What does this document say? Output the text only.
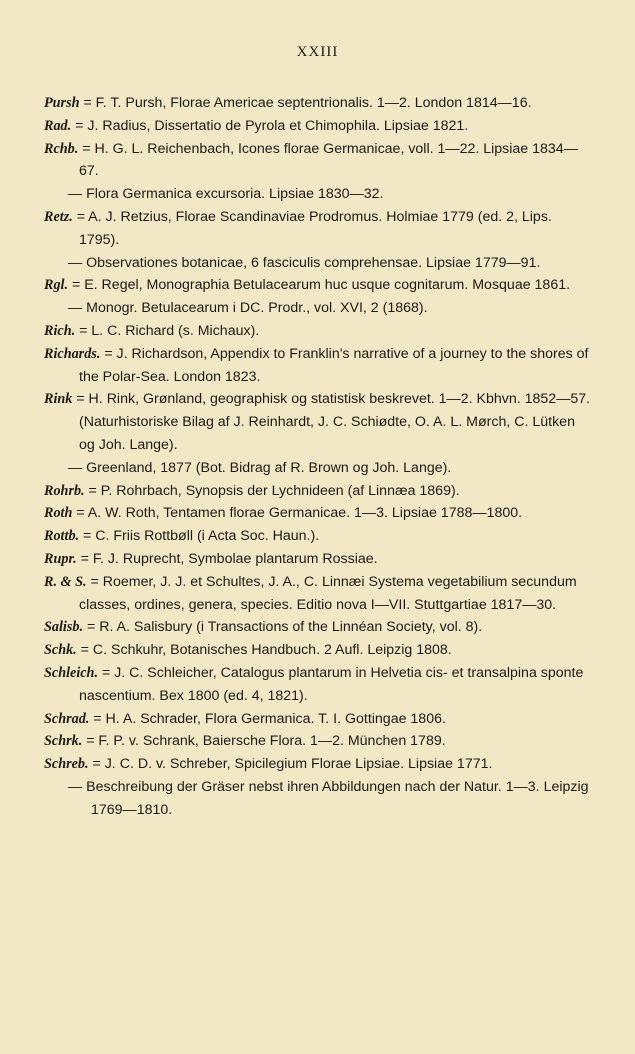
XXIII

Pursh = F. T. Pursh, Florae Americae septentrionalis. 1—2. London 1814—16.

Rad. = J. Radius, Dissertatio de Pyrola et Chimophila. Lipsiae 1821.

Rchb. = H. G. L. Reichenbach, Icones florae Germanicae, voll. 1—22. Lipsiae 1834—67.

— Flora Germanica excursoria. Lipsiae 1830—32.

Retz. = A. J. Retzius, Florae Scandinaviae Prodromus. Holmiae 1779 (ed. 2, Lips. 1795).

— Observationes botanicae, 6 fasciculis comprehensae. Lipsiae 1779—91.

Rgl. = E. Regel, Monographia Betulacearum huc usque cognitarum. Mosquae 1861.

— Monogr. Betulacearum i DC. Prodr., vol. XVI, 2 (1868).

Rich. = L. C. Richard (s. Michaux).

Richards. = J. Richardson, Appendix to Franklin's narrative of a journey to the shores of the Polar-Sea. London 1823.

Rink = H. Rink, Grønland, geographisk og statistisk beskrevet. 1—2. Kbhvn. 1852—57. (Naturhistoriske Bilag af J. Reinhardt, J. C. Schiødte, O. A. L. Mørch, C. Lütken og Joh. Lange).

— Greenland, 1877 (Bot. Bidrag af R. Brown og Joh. Lange).

Rohrb. = P. Rohrbach, Synopsis der Lychnideen (af Linnæa 1869).

Roth = A. W. Roth, Tentamen florae Germanicae. 1—3. Lipsiae 1788—1800.

Rottb. = C. Friis Rottbøll (i Acta Soc. Haun.).

Rupr. = F. J. Ruprecht, Symbolae plantarum Rossiae.

R. & S. = Roemer, J. J. et Schultes, J. A., C. Linnæi Systema vegetabilium secundum classes, ordines, genera, species. Editio nova I—VII. Stuttgartiae 1817—30.

Salisb. = R. A. Salisbury (i Transactions of the Linnéan Society, vol. 8).

Schk. = C. Schkuhr, Botanisches Handbuch. 2 Aufl. Leipzig 1808.

Schleich. = J. C. Schleicher, Catalogus plantarum in Helvetia cis- et transalpina sponte nascentium. Bex 1800 (ed. 4, 1821).

Schrad. = H. A. Schrader, Flora Germanica. T. I. Gottingae 1806.

Schrk. = F. P. v. Schrank, Baiersche Flora. 1—2. München 1789.

Schreb. = J. C. D. v. Schreber, Spicilegium Florae Lipsiae. Lipsiae 1771.

— Beschreibung der Gräser nebst ihren Abbildungen nach der Natur. 1—3. Leipzig 1769—1810.
